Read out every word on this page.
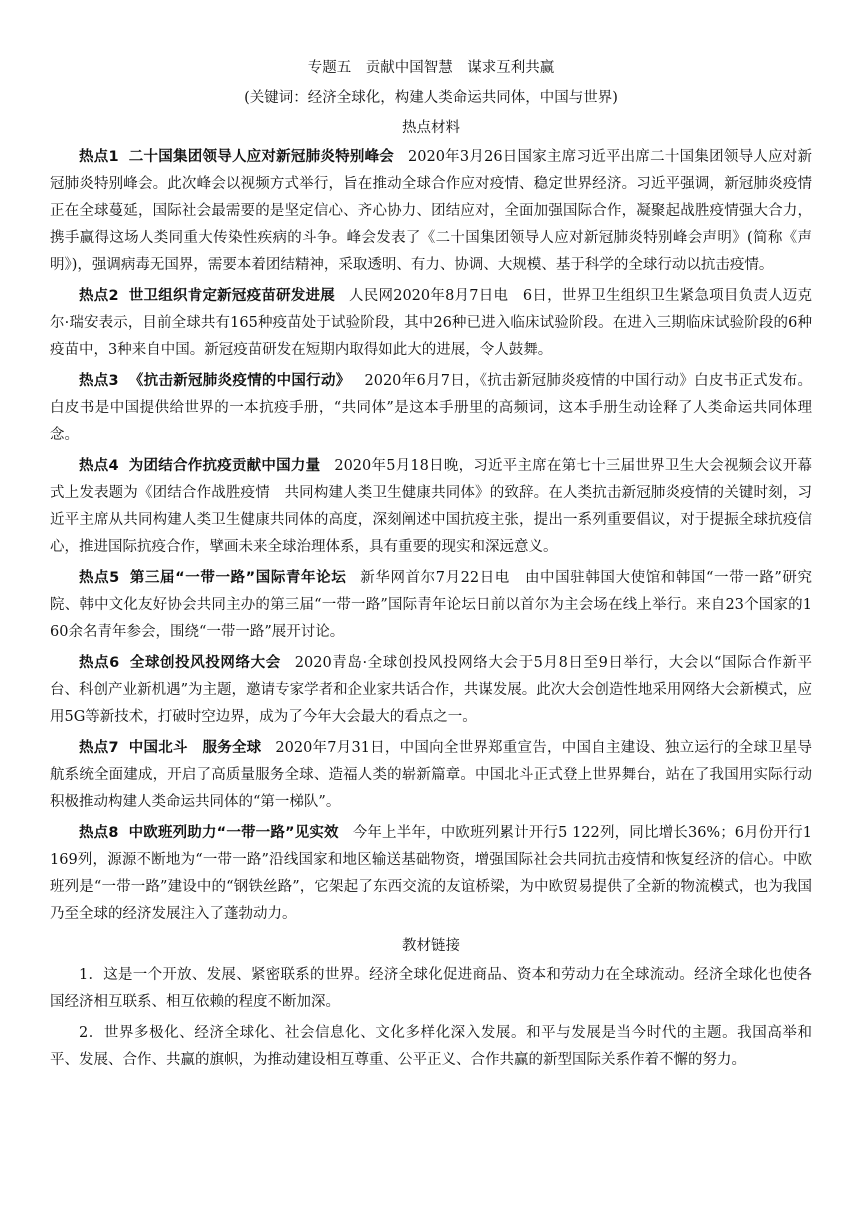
专题五　贡献中国智慧　谋求互利共赢
(关键词：经济全球化，构建人类命运共同体，中国与世界)
热点材料

热点1 二十国集团领导人应对新冠肺炎特别峰会 2020年3月26日国家主席习近平出席二十国集团领导人应对新冠肺炎特别峰会。此次峰会以视频方式举行，旨在推动全球合作应对疫情、稳定世界经济。习近平强调，新冠肺炎疫情正在全球蔓延，国际社会最需要的是坚定信心、齐心协力、团结应对，全面加强国际合作，凝聚起战胜疫情强大合力，携手赢得这场人类同重大传染性疾病的斗争。峰会发表了《二十国集团领导人应对新冠肺炎特别峰会声明》(简称《声明》)，强调病毒无国界，需要本着团结精神，采取透明、有力、协调、大规模、基于科学的全球行动以抗击疫情。

热点2 世卫组织肯定新冠疫苗研发进展 人民网2020年8月7日电　6日，世界卫生组织卫生紧急项目负责人迈克尔·瑞安表示，目前全球共有165种疫苗处于试验阶段，其中26种已进入临床试验阶段。在进入三期临床试验阶段的6种疫苗中，3种来自中国。新冠疫苗研发在短期内取得如此大的进展，令人鼓舞。

热点3 《抗击新冠肺炎疫情的中国行动》 2020年6月7日，《抗击新冠肺炎疫情的中国行动》白皮书正式发布。白皮书是中国提供给世界的一本抗疫手册，“共同体”是这本手册里的高频词，这本手册生动诠释了人类命运共同体理念。

热点4 为团结合作抗疫贡献中国力量 2020年5月18日晚，习近平主席在第七十三届世界卫生大会视频会议开幕式上发表题为《团结合作战胜疫情　共同构建人类卫生健康共同体》的致辞。在人类抗击新冠肺炎疫情的关键时刻，习近平主席从共同构建人类卫生健康共同体的高度，深刻阐述中国抗疫主张，提出一系列重要倡议，对于提振全球抗疫信心，推进国际抗疫合作，擘画未来全球治理体系，具有重要的现实和深远意义。

热点5 第三届“一带一路”国际青年论坛 新华网首尔7月22日电　由中国驻韩国大使馆和韩国“一带一路”研究院、韩中文化友好协会共同主办的第三届“一带一路”国际青年论坛日前以首尔为主会场在线上举行。来自23个国家的160余名青年参会，围绕“一带一路”展开讨论。

热点6 全球创投风投网络大会 2020青岛·全球创投风投网络大会于5月8日至9日举行，大会以“国际合作新平台、科创产业新机遇”为主题，邀请专家学者和企业家共话合作，共谋发展。此次大会创造性地采用网络大会新模式，应用5G等新技术，打破时空边界，成为了今年大会最大的看点之一。

热点7 中国北斗　服务全球 2020年7月31日，中国向全世界郑重宣告，中国自主建设、独立运行的全球卫星导航系统全面建成，开启了高质量服务全球、造福人类的崭新篇章。中国北斗正式登上世界舞台，站在了我国用实际行动积极推动构建人类命运共同体的“第一梯队”。

热点8 中欧班列助力“一带一路”见实效 今年上半年，中欧班列累计开行5 122列，同比增长36%；6月份开行1 169列，源源不断地为“一带一路”沿线国家和地区输送基础物资，增强国际社会共同抗击疫情和恢复经济的信心。中欧班列是“一带一路”建设中的“钢铁丝路”，它架起了东西交流的友谊桥梁，为中欧贸易提供了全新的物流模式，也为我国乃至全球的经济发展注入了蓬勃动力。

教材链接

1．这是一个开放、发展、紧密联系的世界。经济全球化促进商品、资本和劳动力在全球流动。经济全球化也使各国经济相互联系、相互依赖的程度不断加深。

2．世界多极化、经济全球化、社会信息化、文化多样化深入发展。和平与发展是当今时代的主题。我国高举和平、发展、合作、共赢的旗帜，为推动建设相互尊重、公平正义、合作共赢的新型国际关系作着不懈的努力。
